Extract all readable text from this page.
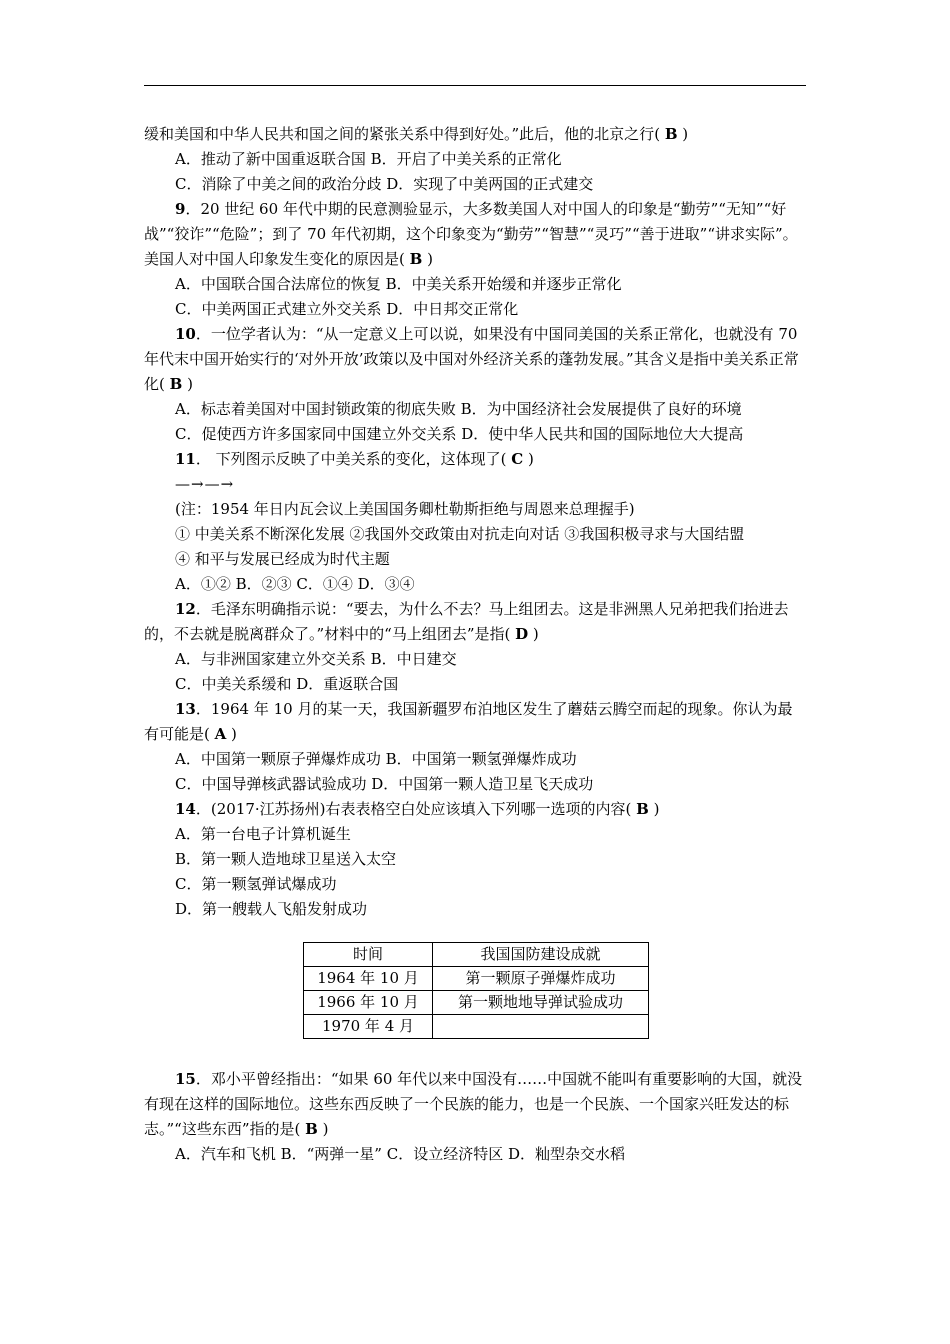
缓和美国和中华人民共和国之间的紧张关系中得到好处。”此后，他的北京之行( B )

A．推动了新中国重返联合国 B．开启了中美关系的正常化

C．消除了中美之间的政治分歧 D．实现了中美两国的正式建交

9．20 世纪 60 年代中期的民意测验显示，大多数美国人对中国人的印象是“勤劳”“无知”“好战”“狡诈”“危险”；到了 70 年代初期，这个印象变为“勤劳”“智慧”“灵巧”“善于进取”“讲求实际”。美国人对中国人印象发生变化的原因是( B )

A．中国联合国合法席位的恢复 B．中美关系开始缓和并逐步正常化

C．中美两国正式建立外交关系 D．中日邦交正常化

10．一位学者认为：“从一定意义上可以说，如果没有中国同美国的关系正常化，也就没有 70 年代末中国开始实行的‘对外开放’政策以及中国对外经济关系的蓬勃发展。”其含义是指中美关系正常化( B )

A．标志着美国对中国封锁政策的彻底失败 B．为中国经济社会发展提供了良好的环境

C．促使西方许多国家同中国建立外交关系 D．使中华人民共和国的国际地位大大提高

11． 下列图示反映了中美关系的变化，这体现了( C )

—→—→

(注：1954 年日内瓦会议上美国国务卿杜勒斯拒绝与周恩来总理握手)

① 中美关系不断深化发展 ②我国外交政策由对抗走向对话 ③我国积极寻求与大国结盟

④ 和平与发展已经成为时代主题

A．①② B．②③ C．①④ D．③④

12．毛泽东明确指示说：“要去，为什么不去？马上组团去。这是非洲黑人兄弟把我们抬进去的，不去就是脱离群众了。”材料中的“马上组团去”是指( D )

A．与非洲国家建立外交关系 B．中日建交

C．中美关系缓和 D．重返联合国

13．1964 年 10 月的某一天，我国新疆罗布泊地区发生了蘑菇云腾空而起的现象。你认为最有可能是( A )

A．中国第一颗原子弹爆炸成功 B．中国第一颗氢弹爆炸成功

C．中国导弹核武器试验成功 D．中国第一颗人造卫星飞天成功

14．(2017·江苏扬州)右表表格空白处应该填入下列哪一选项的内容( B )

A．第一台电子计算机诞生

B．第一颗人造地球卫星送入太空

C．第一颗氢弹试爆成功

D．第一艘载人飞船发射成功

时间	我国国防建设成就
1964 年 10 月	第一颗原子弹爆炸成功
1966 年 10 月	第一颗地地导弹试验成功
1970 年 4 月	

15．邓小平曾经指出：“如果 60 年代以来中国没有……中国就不能叫有重要影响的大国，就没有现在这样的国际地位。这些东西反映了一个民族的能力，也是一个民族、一个国家兴旺发达的标志。”“这些东西”指的是( B )

A．汽车和飞机 B．“两弹一星” C．设立经济特区 D．籼型杂交水稻
